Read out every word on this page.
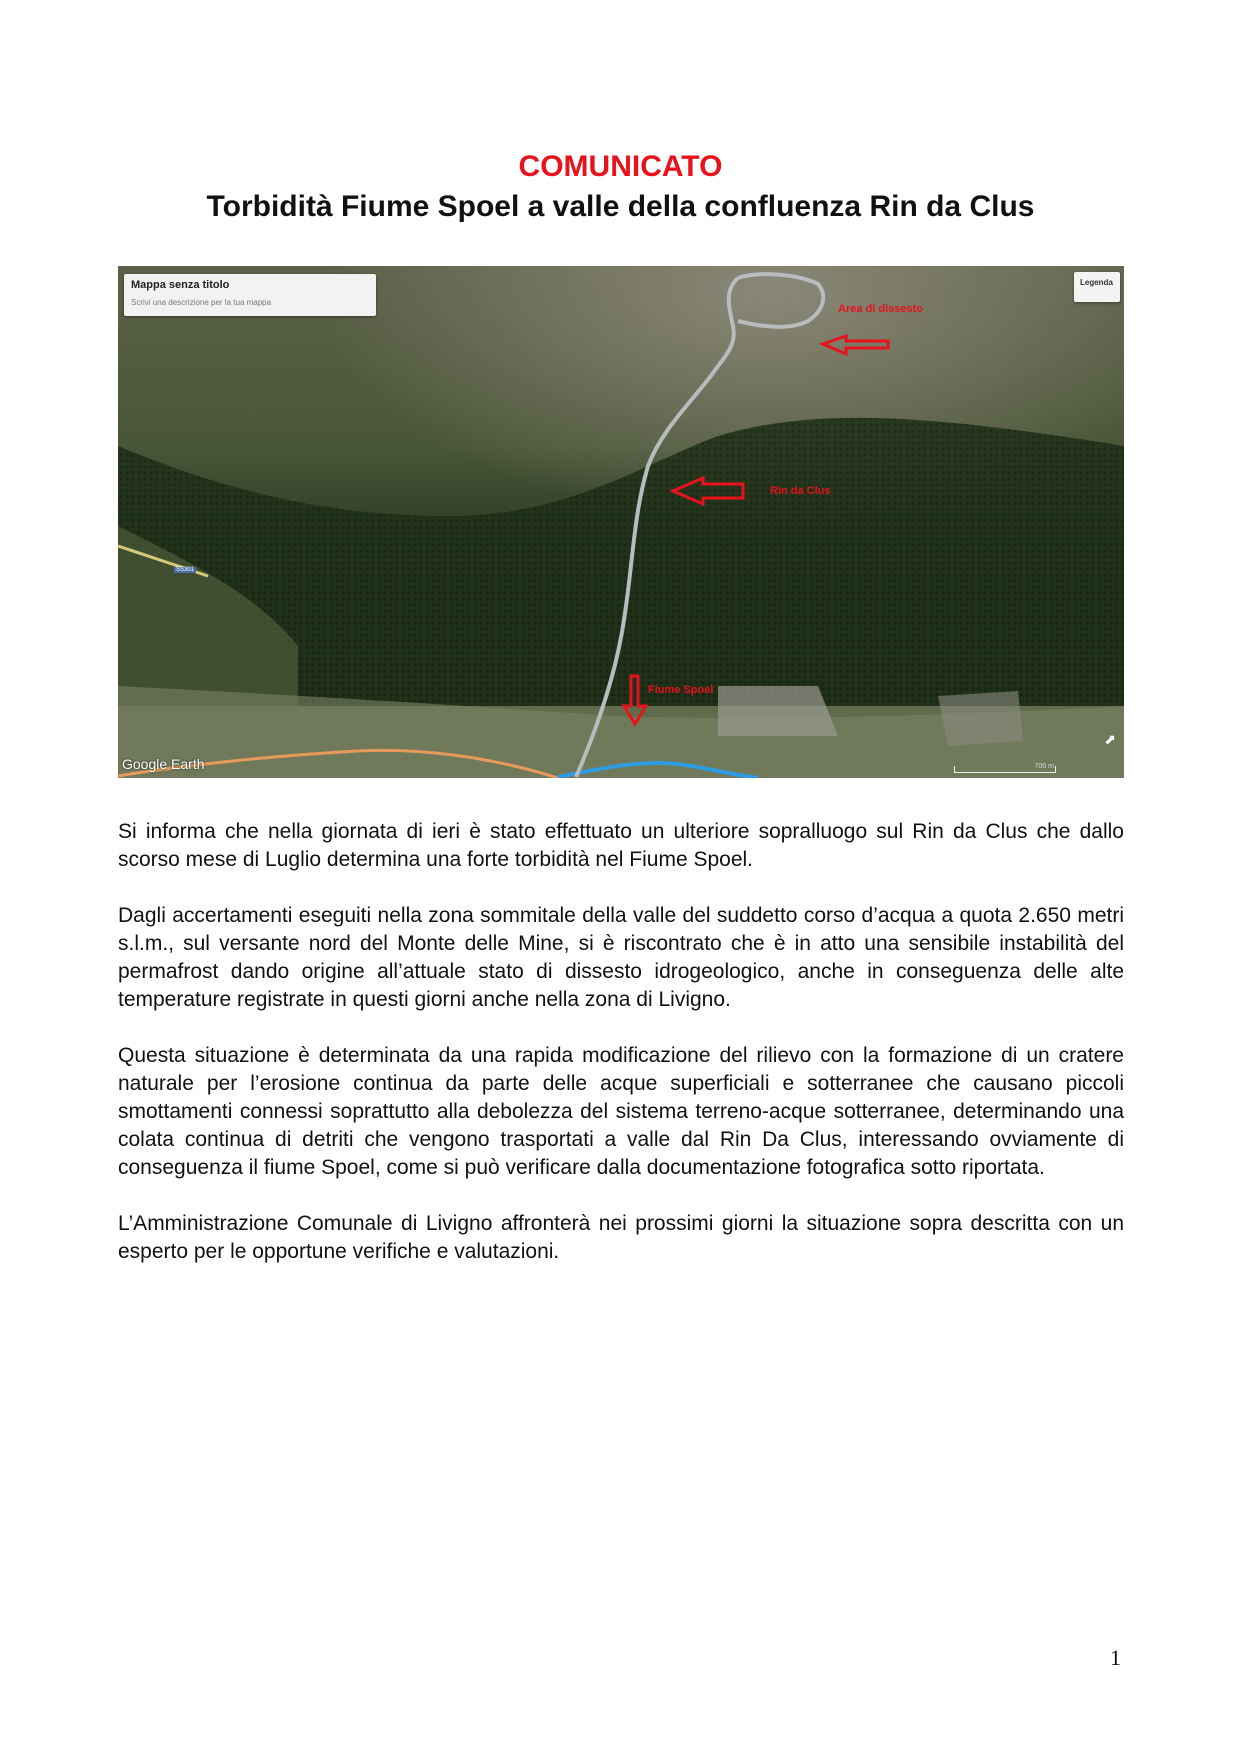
COMUNICATO
Torbidità Fiume Spoel a valle della confluenza Rin da Clus
Mappa senza titolo
Scrivi una descrizione per la tua mappa
Legenda
Area di dissesto
Rin da Clus
Fiume Spoel
SS301
Google Earth	700 m
⬈

Si informa che nella giornata di ieri è stato effettuato un ulteriore sopralluogo sul Rin da Clus che dallo scorso mese di Luglio determina una forte torbidità nel Fiume Spoel.

Dagli accertamenti eseguiti nella zona sommitale della valle del suddetto corso d’acqua a quota 2.650 metri s.l.m., sul versante nord del Monte delle Mine, si è riscontrato che è in atto una sensibile instabilità del permafrost dando origine all’attuale stato di dissesto idrogeologico, anche in conseguenza delle alte temperature registrate in questi giorni anche nella zona di Livigno.

Questa situazione è determinata da una rapida modificazione del rilievo con la formazione di un cratere naturale per l’erosione continua da parte delle acque superficiali e sotterranee che causano piccoli smottamenti connessi soprattutto alla debolezza del sistema terreno-acque sotterranee, determinando una colata continua di detriti che vengono trasportati a valle dal Rin Da Clus, interessando ovviamente di conseguenza il fiume Spoel, come si può verificare dalla documentazione fotografica sotto riportata.

L’Amministrazione Comunale di Livigno affronterà nei prossimi giorni la situazione sopra descritta con un esperto per le opportune verifiche e valutazioni.

1
